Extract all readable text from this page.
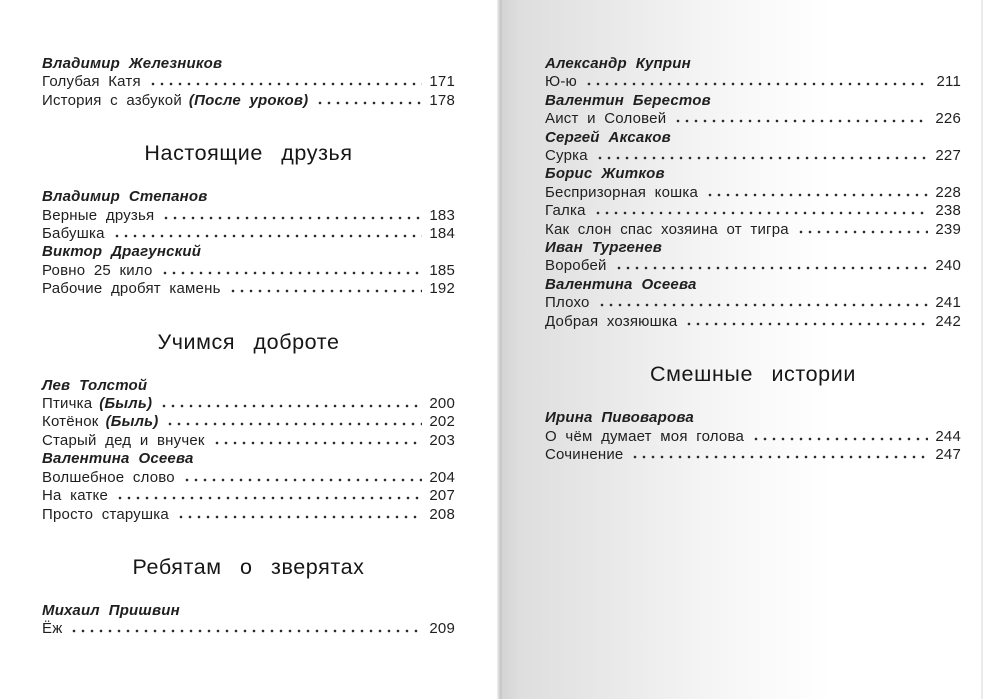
Владимир Железников
Голубая Катя	171
История с азбукой (После уроков)	178
Настоящие друзья
Владимир Степанов
Верные друзья	183
Бабушка	184
Виктор Драгунский
Ровно 25 кило	185
Рабочие дробят камень	192
Учимся доброте
Лев Толстой
Птичка (Быль)	200
Котёнок (Быль)	202
Старый дед и внучек	203
Валентина Осеева
Волшебное слово	204
На катке	207
Просто старушка	208
Ребятам о зверятах
Михаил Пришвин
Ёж	209
Александр Куприн
Ю-ю	211
Валентин Берестов
Аист и Соловей	226
Сергей Аксаков
Сурка	227
Борис Житков
Беспризорная кошка	228
Галка	238
Как слон спас хозяина от тигра	239
Иван Тургенев
Воробей	240
Валентина Осеева
Плохо	241
Добрая хозяюшка	242
Смешные истории
Ирина Пивоварова
О чём думает моя голова	244
Сочинение	247
